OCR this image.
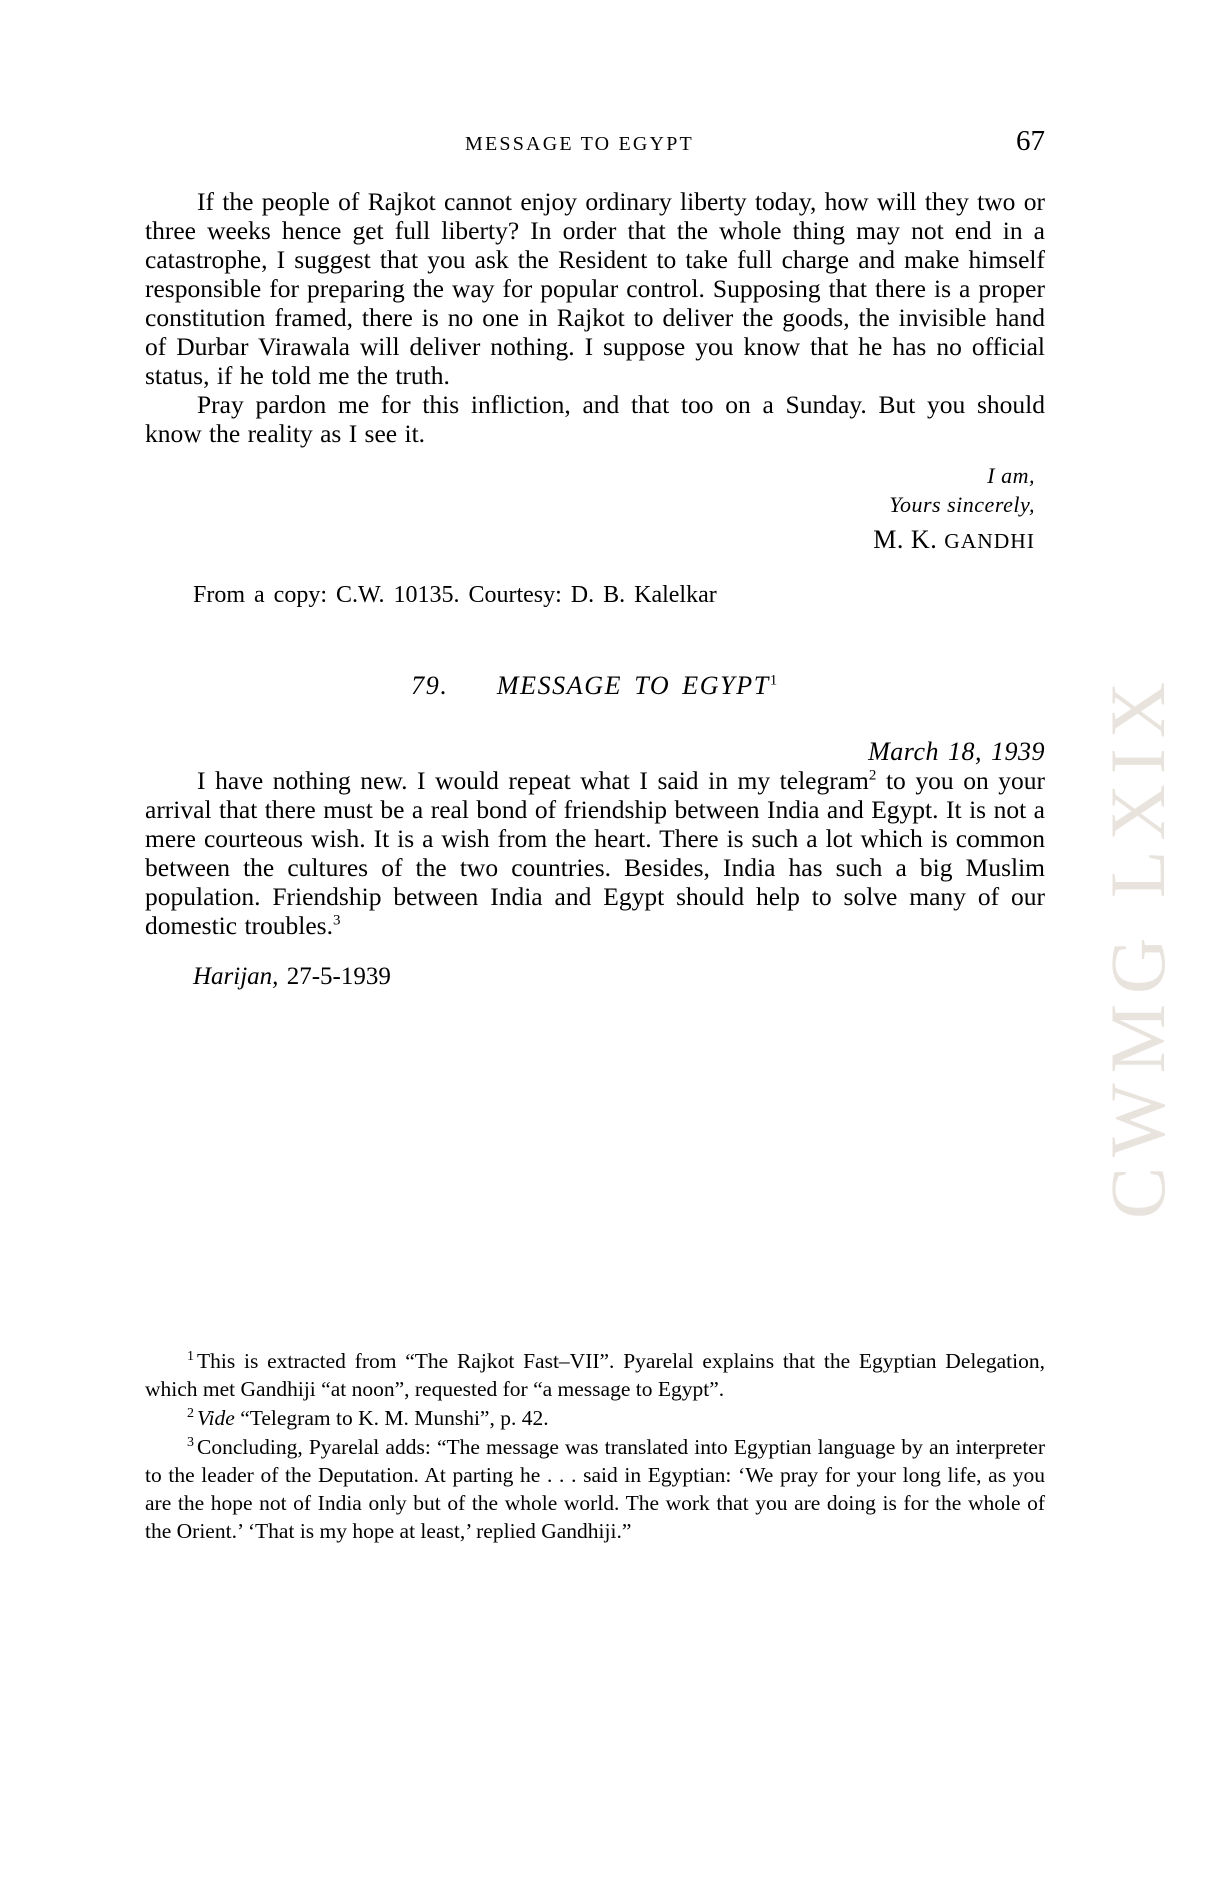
CWMG LXIX
MESSAGE TO EGYPT	67

If the people of Rajkot cannot enjoy ordinary liberty today, how will they two or three weeks hence get full liberty? In order that the whole thing may not end in a catastrophe, I suggest that you ask the Resident to take full charge and make himself responsible for preparing the way for popular control. Supposing that there is a proper constitution framed, there is no one in Rajkot to deliver the goods, the invisible hand of Durbar Virawala will deliver nothing. I suppose you know that he has no official status, if he told me the truth.

Pray pardon me for this infliction, and that too on a Sunday. But you should know the reality as I see it.

I am,
Yours sincerely,
M. K. GANDHI
From a copy: C.W. 10135. Courtesy: D. B. Kalelkar
79. MESSAGE TO EGYPT$^1$
March 18, 1939

I have nothing new. I would repeat what I said in my telegram$^2$ to you on your arrival that there must be a real bond of friendship between India and Egypt. It is not a mere courteous wish. It is a wish from the heart. There is such a lot which is common between the cultures of the two countries. Besides, India has such a big Muslim population. Friendship between India and Egypt should help to solve many of our domestic troubles.$^3$

Harijan, 27-5-1939

$^1$ This is extracted from “The Rajkot Fast–VII”. Pyarelal explains that the Egyptian Delegation, which met Gandhiji “at noon”, requested for “a message to Egypt”.

$^2$ Vide “Telegram to K. M. Munshi”, p. 42.

$^3$ Concluding, Pyarelal adds: “The message was translated into Egyptian language by an interpreter to the leader of the Deputation. At parting he . . . said in Egyptian: ‘We pray for your long life, as you are the hope not of India only but of the whole world. The work that you are doing is for the whole of the Orient.’ ‘That is my hope at least,’ replied Gandhiji.”
